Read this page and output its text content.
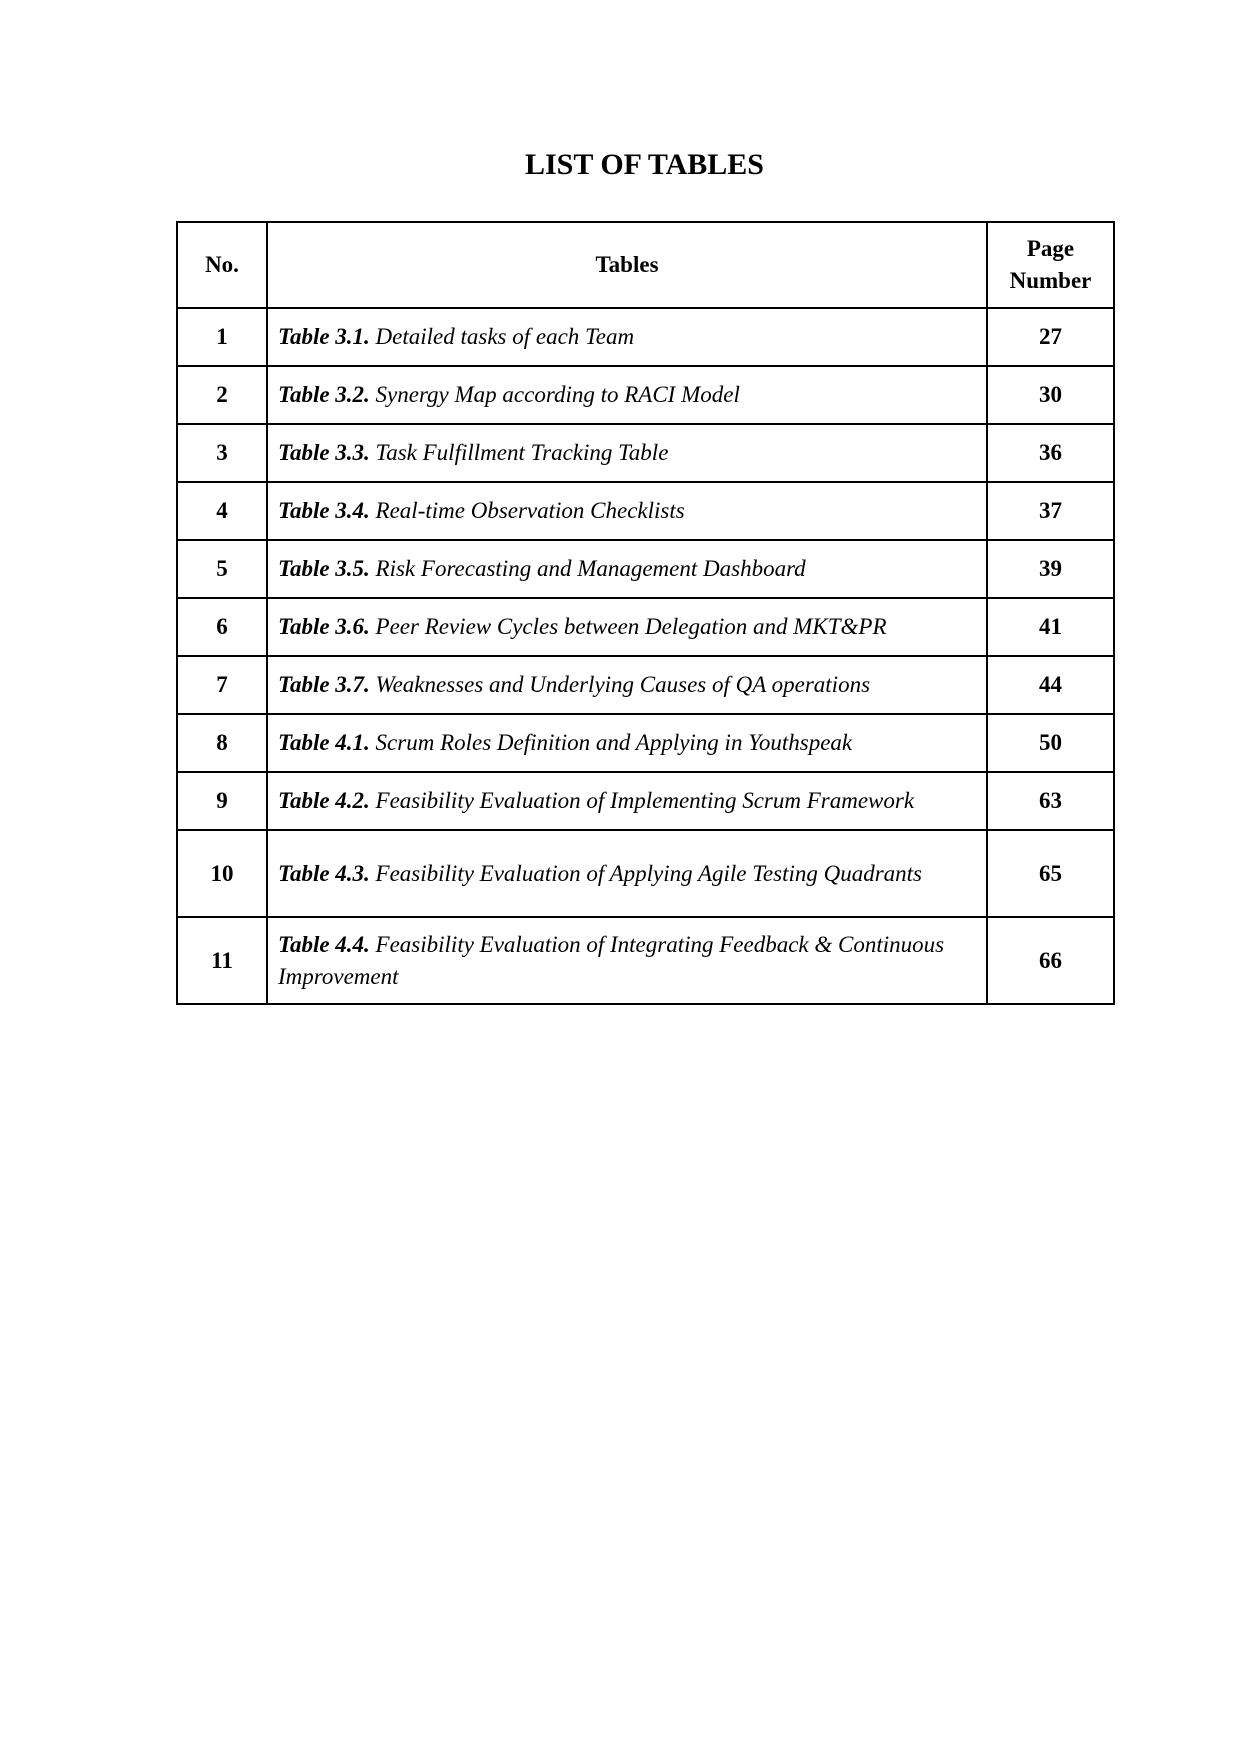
LIST OF TABLES
No.	Tables	Page
Number
1	Table 3.1. Detailed tasks of each Team	27
2	Table 3.2. Synergy Map according to RACI Model	30
3	Table 3.3. Task Fulfillment Tracking Table	36
4	Table 3.4. Real-time Observation Checklists	37
5	Table 3.5. Risk Forecasting and Management Dashboard	39
6	Table 3.6. Peer Review Cycles between Delegation and MKT&PR	41
7	Table 3.7. Weaknesses and Underlying Causes of QA operations	44
8	Table 4.1. Scrum Roles Definition and Applying in Youthspeak	50
9	Table 4.2. Feasibility Evaluation of Implementing Scrum Framework	63
10	Table 4.3. Feasibility Evaluation of Applying Agile Testing Quadrants	65
11	Table 4.4. Feasibility Evaluation of Integrating Feedback & Continuous Improvement	66
